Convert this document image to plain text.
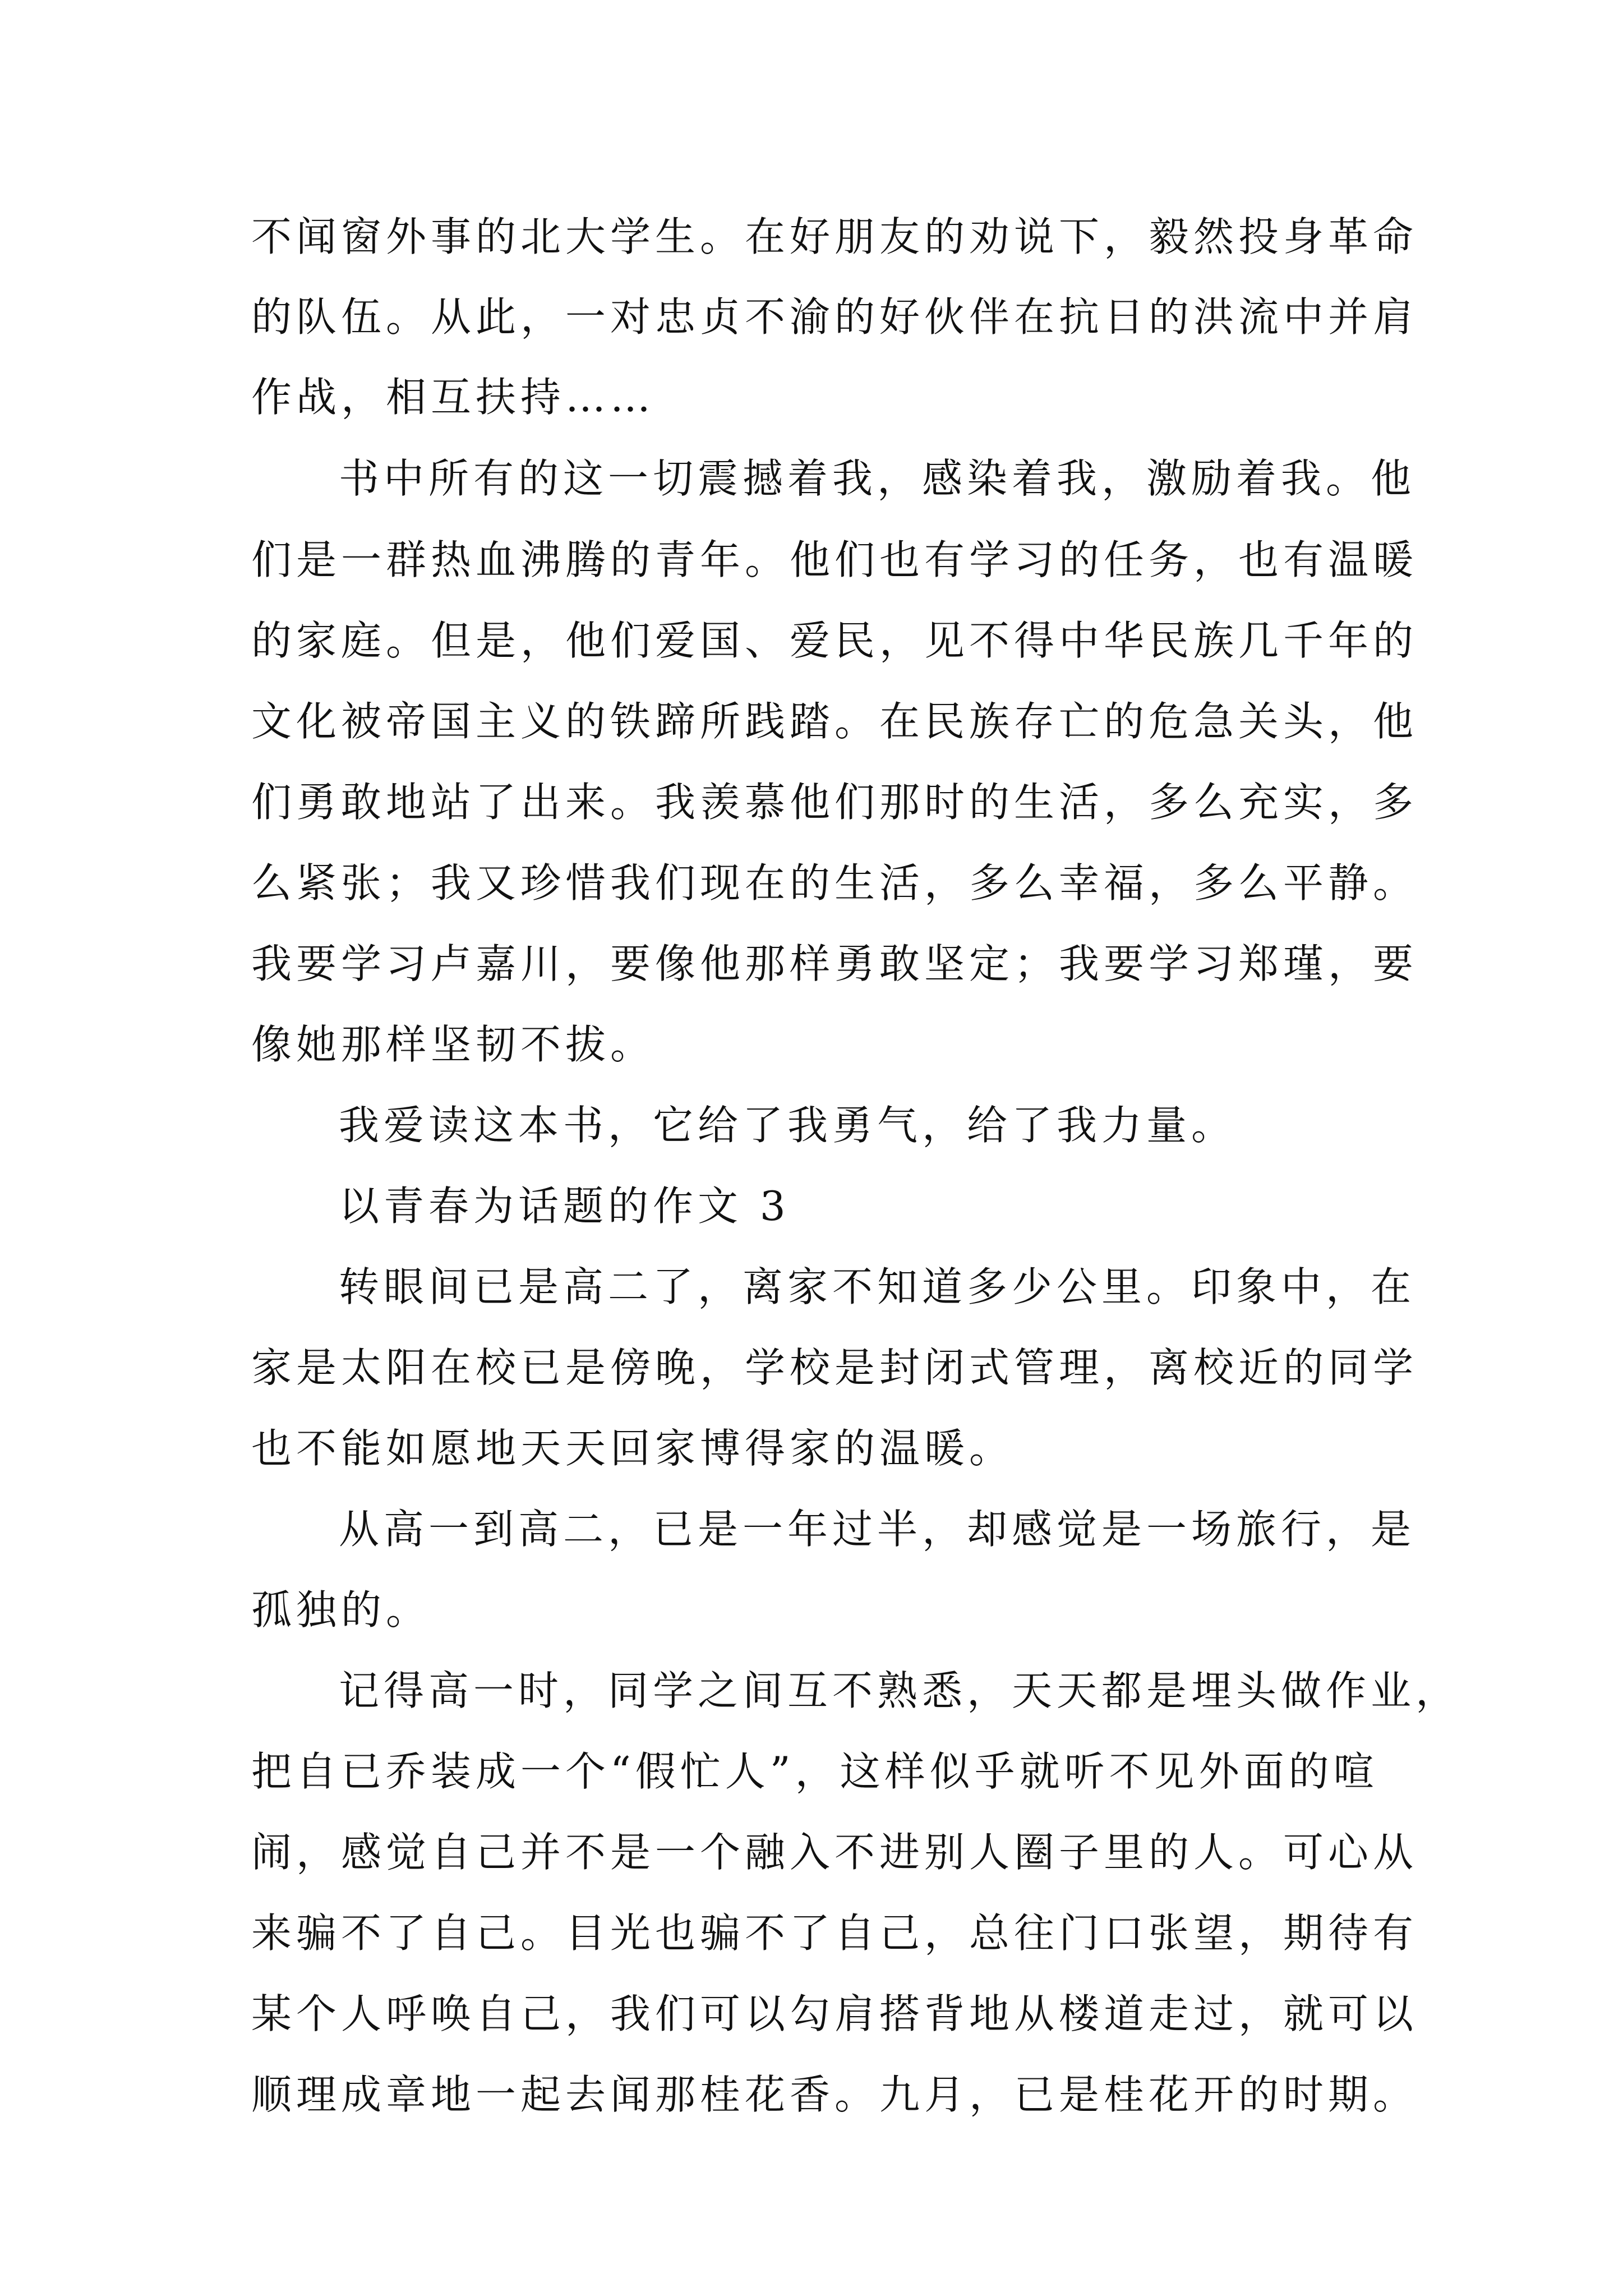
不闻窗外事的北大学生。在好朋友的劝说下，毅然投身革命
的队伍。从此，一对忠贞不渝的好伙伴在抗日的洪流中并肩
作战，相互扶持……
书中所有的这一切震撼着我，感染着我，激励着我。他
们是一群热血沸腾的青年。他们也有学习的任务，也有温暖
的家庭。但是，他们爱国、爱民，见不得中华民族几千年的
文化被帝国主义的铁蹄所践踏。在民族存亡的危急关头，他
们勇敢地站了出来。我羡慕他们那时的生活，多么充实，多
么紧张；我又珍惜我们现在的生活，多么幸福，多么平静。
我要学习卢嘉川，要像他那样勇敢坚定；我要学习郑瑾，要
像她那样坚韧不拔。
我爱读这本书，它给了我勇气，给了我力量。
以青春为话题的作文 3
转眼间已是高二了，离家不知道多少公里。印象中，在
家是太阳在校已是傍晚，学校是封闭式管理，离校近的同学
也不能如愿地天天回家博得家的温暖。
从高一到高二，已是一年过半，却感觉是一场旅行，是
孤独的。
记得高一时，同学之间互不熟悉，天天都是埋头做作业，
把自已乔装成一个“假忙人”，这样似乎就听不见外面的喧
闹，感觉自己并不是一个融入不进别人圈子里的人。可心从
来骗不了自己。目光也骗不了自己，总往门口张望，期待有
某个人呼唤自己，我们可以勾肩搭背地从楼道走过，就可以
顺理成章地一起去闻那桂花香。九月，已是桂花开的时期。
